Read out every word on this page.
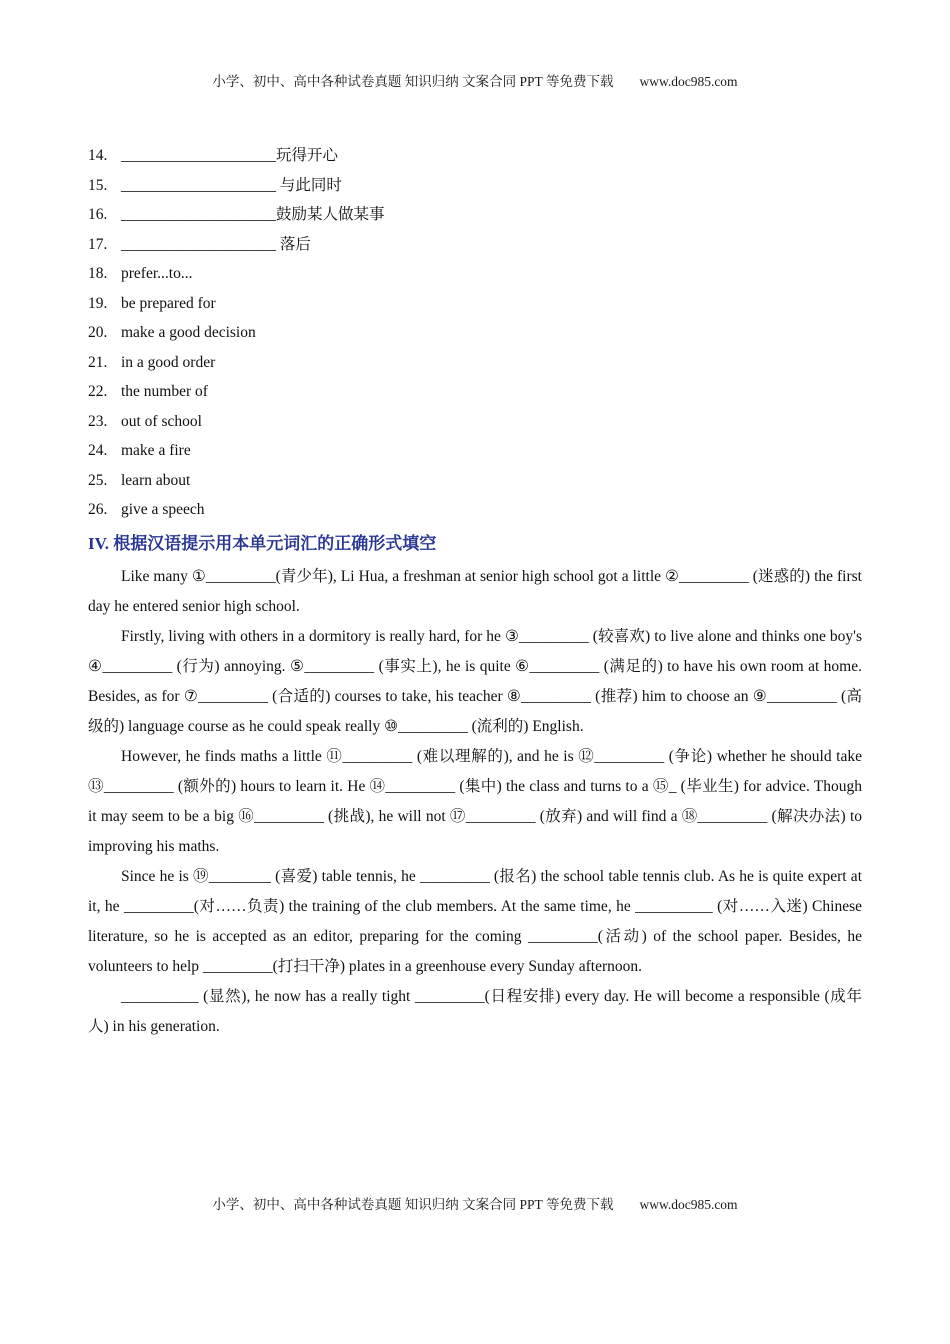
小学、初中、高中各种试卷真题 知识归纳 文案合同 PPT 等免费下载 www.doc985.com
14. ____________________玩得开心
15. ____________________ 与此同时
16. ____________________鼓励某人做某事
17. ____________________ 落后
18. prefer...to...
19. be prepared for
20. make a good decision
21. in a good order
22. the number of
23. out of school
24. make a fire
25. learn about
26. give a speech
IV. 根据汉语提示用本单元词汇的正确形式填空

Like many ①_________(青少年), Li Hua, a freshman at senior high school got a little ②_________ (迷惑的) the first day he entered senior high school.

Firstly, living with others in a dormitory is really hard, for he ③_________ (较喜欢) to live alone and thinks one boy's ④_________ (行为) annoying. ⑤_________ (事实上), he is quite ⑥_________ (满足的) to have his own room at home. Besides, as for ⑦_________ (合适的) courses to take, his teacher ⑧_________ (推荐) him to choose an ⑨_________ (高级的) language course as he could speak really ⑩_________ (流利的) English.

However, he finds maths a little ⑪_________ (难以理解的), and he is ⑫_________ (争论) whether he should take ⑬_________ (额外的) hours to learn it. He ⑭_________ (集中) the class and turns to a ⑮_ (毕业生) for advice. Though it may seem to be a big ⑯_________ (挑战), he will not ⑰_________ (放弃) and will find a ⑱_________ (解决办法) to improving his maths.

Since he is ⑲________ (喜爱) table tennis, he _________ (报名) the school table tennis club. As he is quite expert at it, he _________(对……负责) the training of the club members. At the same time, he __________ (对……入迷) Chinese literature, so he is accepted as an editor, preparing for the coming _________(活动) of the school paper. Besides, he volunteers to help _________(打扫干净) plates in a greenhouse every Sunday afternoon.

__________ (显然), he now has a really tight _________(日程安排) every day. He will become a responsible (成年人) in his generation.

小学、初中、高中各种试卷真题 知识归纳 文案合同 PPT 等免费下载 www.doc985.com
